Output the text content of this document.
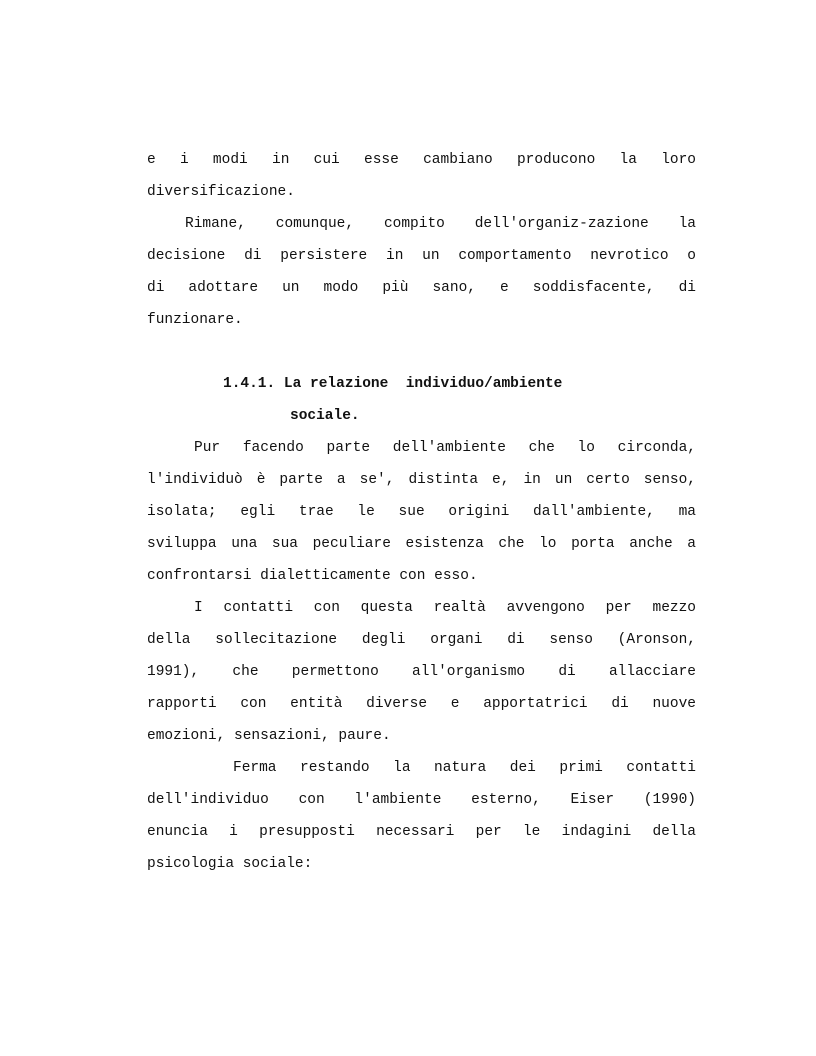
e i modi in cui esse cambiano producono la loro
diversificazione.
Rimane, comunque, compito dell'organiz-zazione la
decisione di persistere in un comportamento nevrotico o
di adottare un modo più sano, e soddisfacente, di
funzionare.
1.4.1. La relazione  individuo/ambiente
sociale.
Pur facendo parte dell'ambiente che lo circonda,
l'individuò è parte a se', distinta e, in un certo senso,
isolata; egli trae le sue origini dall'ambiente, ma
sviluppa una sua peculiare esistenza che lo porta anche a
confrontarsi dialetticamente con esso.
I contatti con questa realtà avvengono per mezzo
della sollecitazione degli organi di senso (Aronson,
1991), che permettono all'organismo di allacciare
rapporti con entità diverse e apportatrici di nuove
emozioni, sensazioni, paure.
Ferma restando la natura dei primi contatti
dell'individuo con l'ambiente esterno, Eiser (1990)
enuncia i presupposti necessari per le indagini della
psicologia sociale:
